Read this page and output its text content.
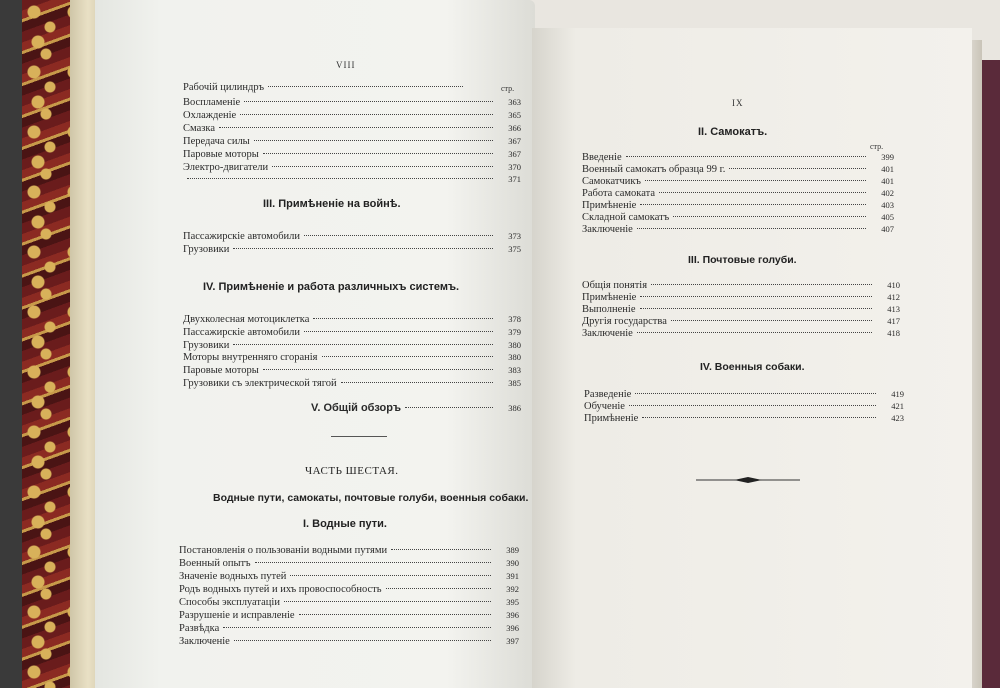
VIII
стр.
Рабочій цилиндръ
Воспламеніе	363
Охлажденіе	365
Смазка	366
Передача силы	367
Паровые моторы	367
Электро-двигатели	370
371
III. Примѣненіе на войнѣ.
Пассажирскіе автомобили	373
Грузовики	375
IV. Примѣненіе и работа различныхъ системъ.
Двухколесная мотоциклетка	378
Пассажирскіе автомобили	379
Грузовики	380
Моторы внутренняго сгоранія	380
Паровые моторы	383
Грузовики съ электрической тягой	385
V. Общій обзоръ	386
ЧАСТЬ ШЕСТАЯ.
Водные пути, самокаты, почтовые голуби, военныя собаки.
I. Водные пути.
Постановленія о пользованіи водными путями	389
Военный опытъ	390
Значеніе водныхъ путей	391
Родъ водныхъ путей и ихъ провоспособность	392
Способы эксплуатаціи	395
Разрушеніе и исправленіе	396
Развѣдка	396
Заключеніе	397
IX
II. Самокатъ.
стр.
Введеніе	399
Военный самокатъ образца 99 г.	401
Самокатчикъ	401
Работа самоката	402
Примѣненіе	403
Складной самокатъ	405
Заключеніе	407
III. Почтовые голуби.
Общія понятія	410
Примѣненіе	412
Выполненіе	413
Другія государства	417
Заключеніе	418
IV. Военныя собаки.
Разведеніе	419
Обученіе	421
Примѣненіе	423
